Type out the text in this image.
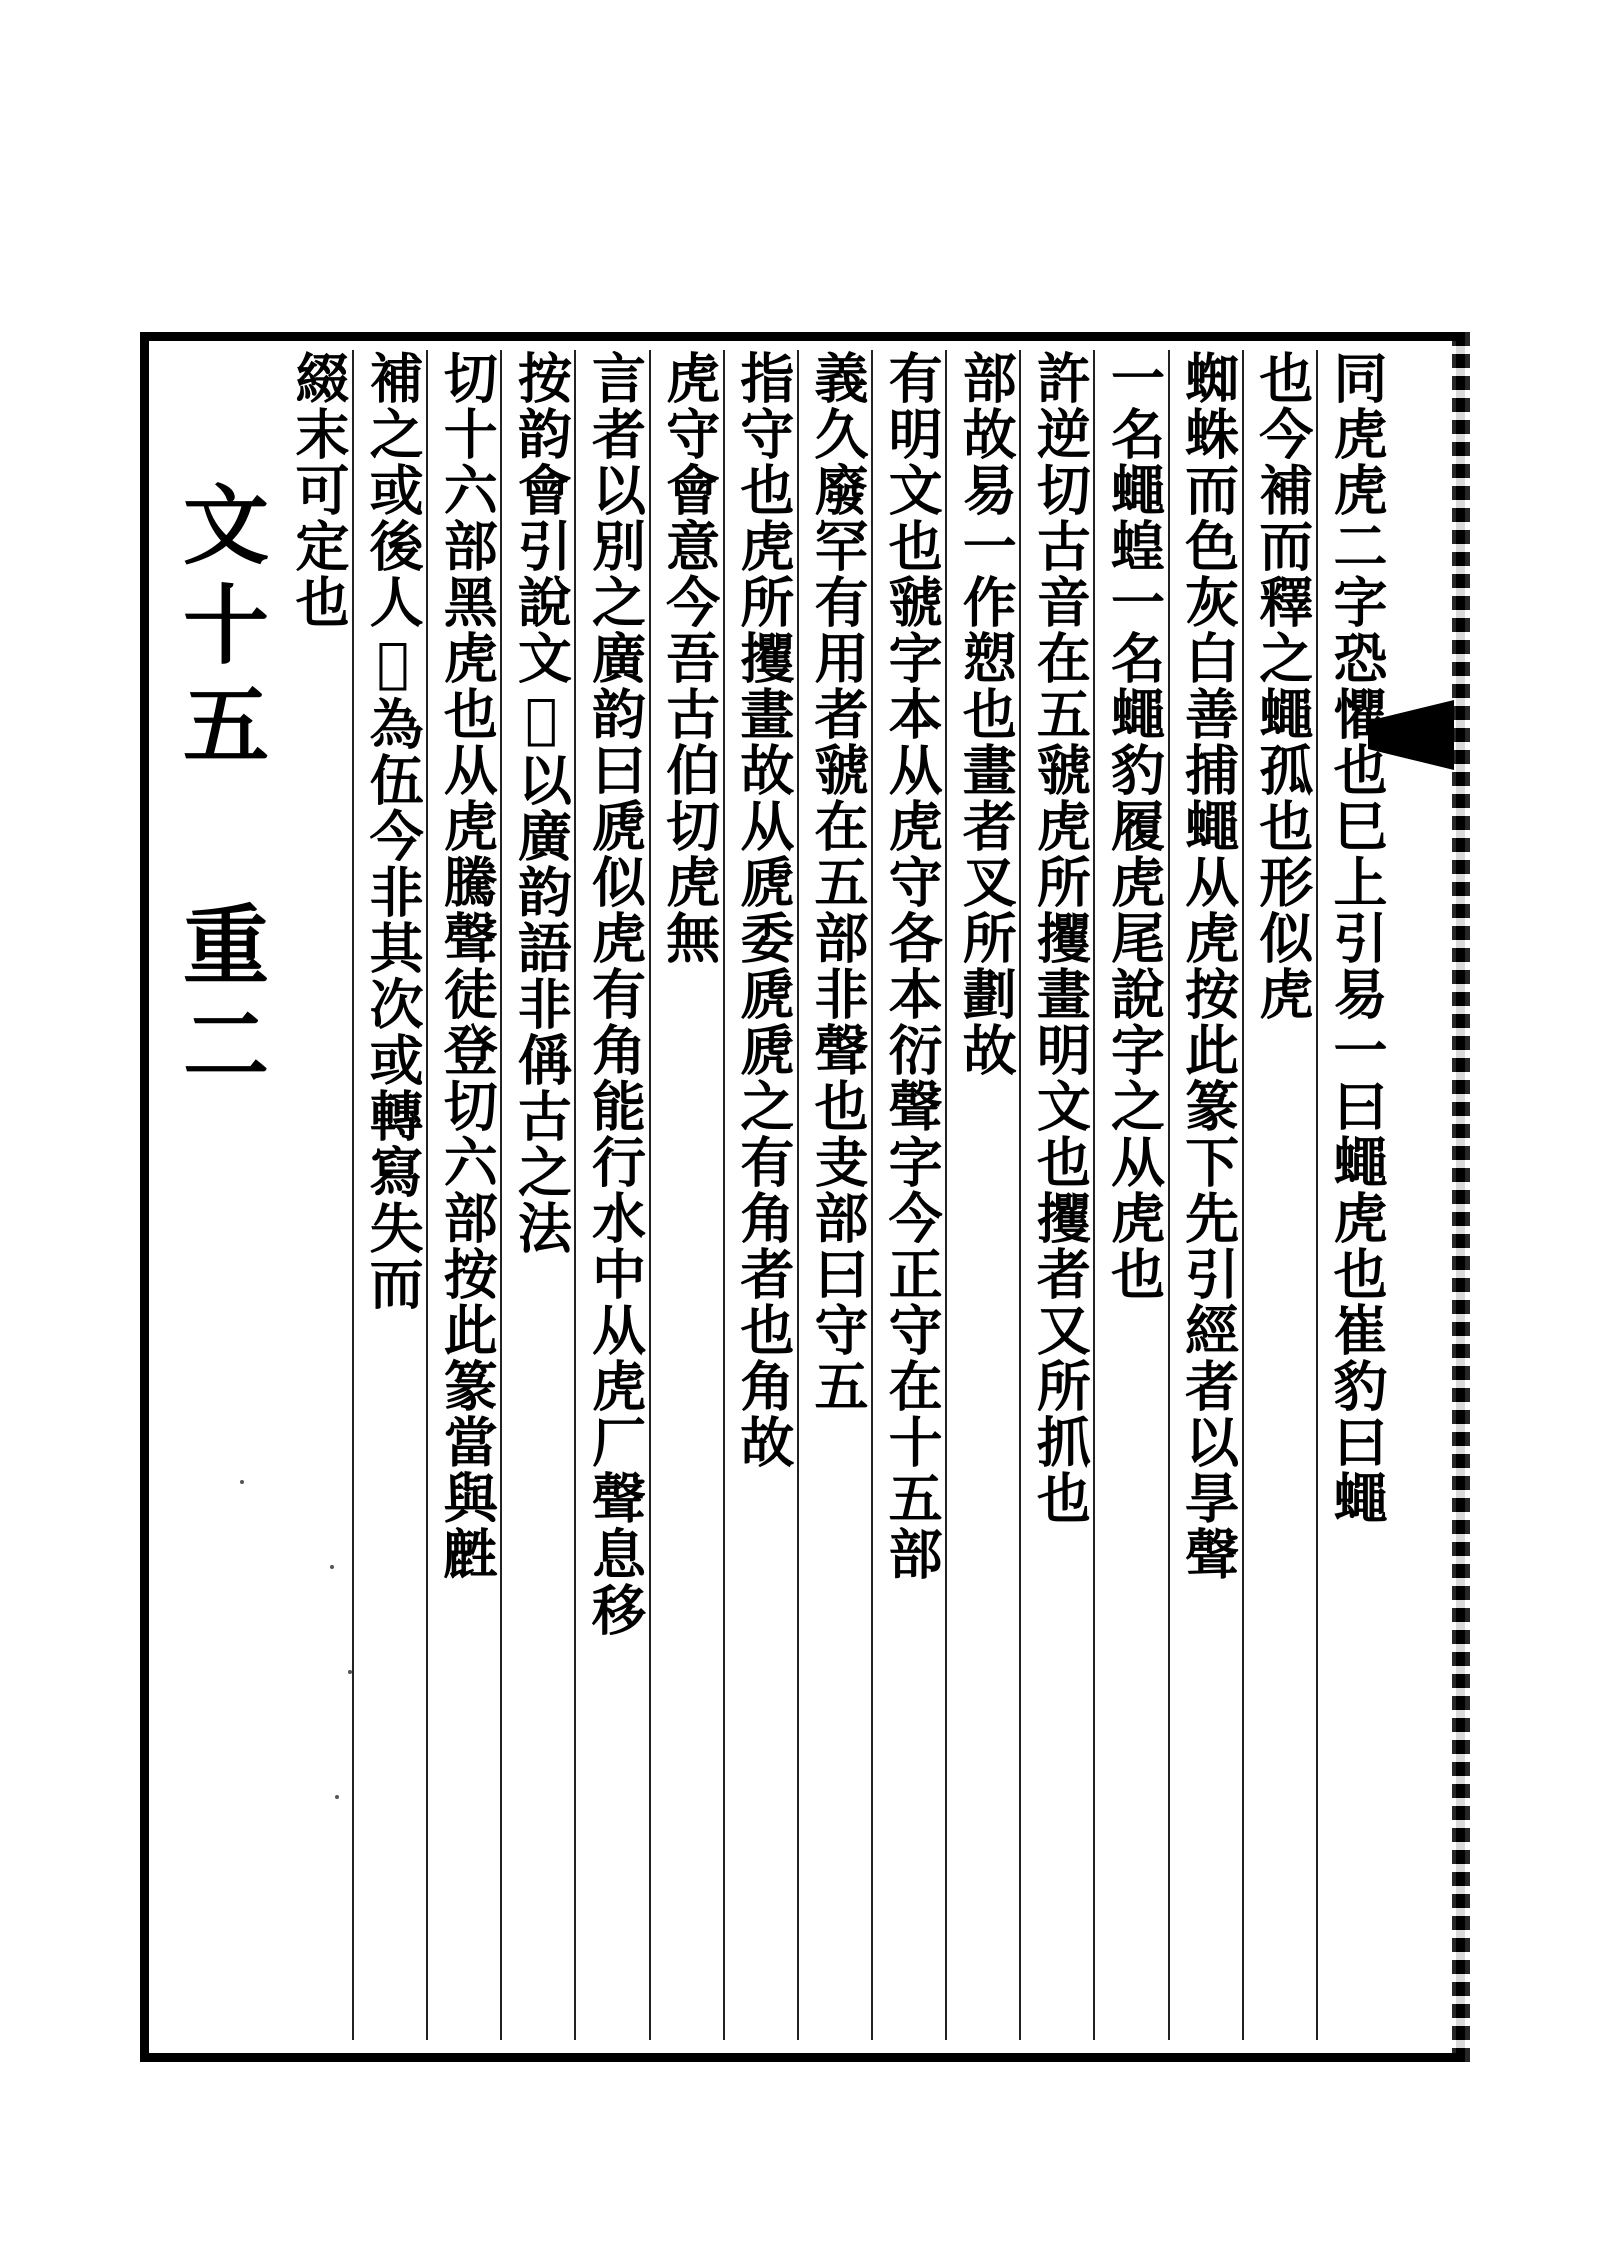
同虎虎二字恐懼也巳上引易一曰蠅虎也崔豹曰蠅
也今補而釋之蠅孤也形似虎
蜘蛛而色灰白善捕蠅从虎按此篆下先引經者以㫗聲
一名蠅蝗一名蠅豹履虎尾說字之从虎也
許逆切古音在五虢虎所攫畫明文也攫者又所抓也
部故易一作愬也畫者叉所劃故
有明文也虢字本从虎守各本衍聲字今正守在十五部
義久廢罕有用者虢在五部非聲也叏部曰守五
指守也虎所攫畫故从虒委虒虒之有角者也角故
虎守會意今吾古伯切虎無
言者以別之廣韵曰虒似虎有角能行水中从虎厂聲息移
按韵會引說文𧆞以廣韵語非偁古之法
切十六部黑虎也从虎騰聲徒登切六部按此篆當與𪊟
補之或後人𧆞為伍今非其次或轉寫失而
綴末可定也
文十五
重二
